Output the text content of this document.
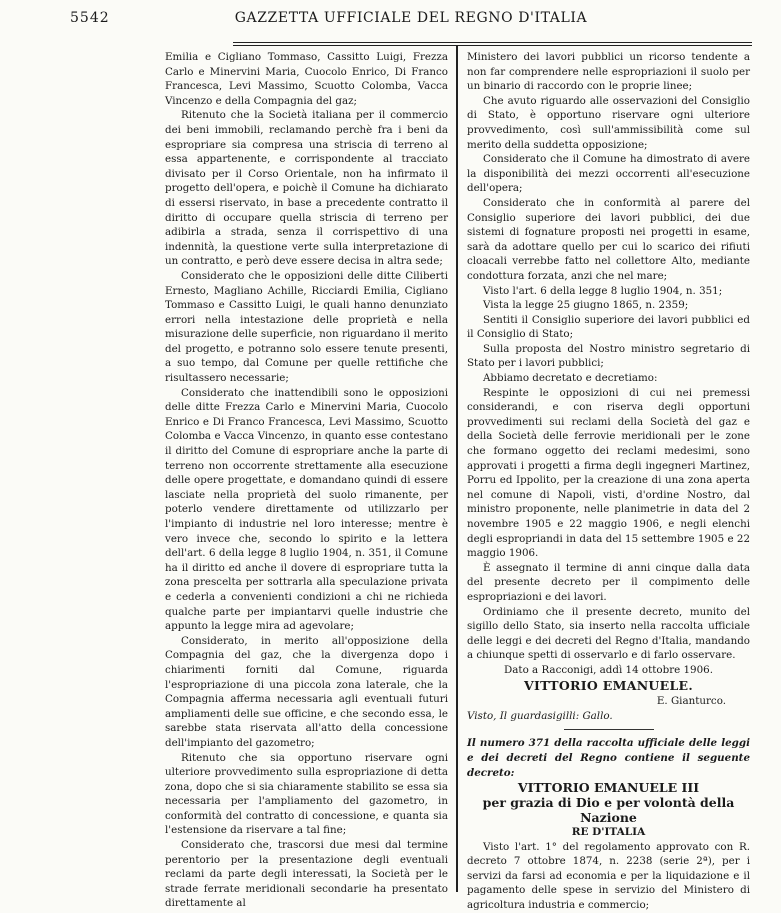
5542	GAZZETTA UFFICIALE DEL REGNO D'ITALIA

Emilia e Cigliano Tommaso, Cassitto Luigi, Frezza Carlo e Minervini Maria, Cuocolo Enrico, Di Franco Francesca, Levi Massimo, Scuotto Colomba, Vacca Vincenzo e della Compagnia del gaz;

Ritenuto che la Società italiana per il commercio dei beni immobili, reclamando perchè fra i beni da espropriare sia compresa una striscia di terreno al essa appartenente, e corrispondente al tracciato divisato per il Corso Orientale, non ha infirmato il progetto dell'opera, e poichè il Comune ha dichiarato di essersi riservato, in base a precedente contratto il diritto di occupare quella striscia di terreno per adibirla a strada, senza il corrispettivo di una indennità, la questione verte sulla interpretazione di un contratto, e però deve essere decisa in altra sede;

Considerato che le opposizioni delle ditte Ciliberti Ernesto, Magliano Achille, Ricciardi Emilia, Cigliano Tommaso e Cassitto Luigi, le quali hanno denunziato errori nella intestazione delle proprietà e nella misurazione delle superficie, non riguardano il merito del progetto, e potranno solo essere tenute presenti, a suo tempo, dal Comune per quelle rettifiche che risultassero necessarie;

Considerato che inattendibili sono le opposizioni delle ditte Frezza Carlo e Minervini Maria, Cuocolo Enrico e Di Franco Francesca, Levi Massimo, Scuotto Colomba e Vacca Vincenzo, in quanto esse contestano il diritto del Comune di espropriare anche la parte di terreno non occorrente strettamente alla esecuzione delle opere progettate, e domandano quindi di essere lasciate nella proprietà del suolo rimanente, per poterlo vendere direttamente od utilizzarlo per l'impianto di industrie nel loro interesse; mentre è vero invece che, secondo lo spirito e la lettera dell'art. 6 della legge 8 luglio 1904, n. 351, il Comune ha il diritto ed anche il dovere di espropriare tutta la zona prescelta per sottrarla alla speculazione privata e cederla a convenienti condizioni a chi ne richieda qualche parte per impiantarvi quelle industrie che appunto la legge mira ad agevolare;

Considerato, in merito all'opposizione della Compagnia del gaz, che la divergenza dopo i chiarimenti forniti dal Comune, riguarda l'espropriazione di una piccola zona laterale, che la Compagnia afferma necessaria agli eventuali futuri ampliamenti delle sue officine, e che secondo essa, le sarebbe stata riservata all'atto della concessione dell'impianto del gazometro;

Ritenuto che sia opportuno riservare ogni ulteriore provvedimento sulla espropriazione di detta zona, dopo che si sia chiaramente stabilito se essa sia necessaria per l'ampliamento del gazometro, in conformità del contratto di concessione, e quanta sia l'estensione da riservare a tal fine;

Considerato che, trascorsi due mesi dal termine perentorio per la presentazione degli eventuali reclami da parte degli interessati, la Società per le strade ferrate meridionali secondarie ha presentato direttamente al

Ministero dei lavori pubblici un ricorso tendente a non far comprendere nelle espropriazioni il suolo per un binario di raccordo con le proprie linee;

Che avuto riguardo alle osservazioni del Consiglio di Stato, è opportuno riservare ogni ulteriore provvedimento, così sull'ammissibilità come sul merito della suddetta opposizione;

Considerato che il Comune ha dimostrato di avere la disponibilità dei mezzi occorrenti all'esecuzione dell'opera;

Considerato che in conformità al parere del Consiglio superiore dei lavori pubblici, dei due sistemi di fognature proposti nei progetti in esame, sarà da adottare quello per cui lo scarico dei rifiuti cloacali verrebbe fatto nel collettore Alto, mediante condottura forzata, anzi che nel mare;

Visto l'art. 6 della legge 8 luglio 1904, n. 351;

Vista la legge 25 giugno 1865, n. 2359;

Sentiti il Consiglio superiore dei lavori pubblici ed il Consiglio di Stato;

Sulla proposta del Nostro ministro segretario di Stato per i lavori pubblici;

Abbiamo decretato e decretiamo:

Respinte le opposizioni di cui nei premessi considerandi, e con riserva degli opportuni provvedimenti sui reclami della Società del gaz e della Società delle ferrovie meridionali per le zone che formano oggetto dei reclami medesimi, sono approvati i progetti a firma degli ingegneri Martinez, Porru ed Ippolito, per la creazione di una zona aperta nel comune di Napoli, visti, d'ordine Nostro, dal ministro proponente, nelle planimetrie in data del 2 novembre 1905 e 22 maggio 1906, e negli elenchi degli espropriandi in data del 15 settembre 1905 e 22 maggio 1906.

È assegnato il termine di anni cinque dalla data del presente decreto per il compimento delle espropriazioni e dei lavori.

Ordiniamo che il presente decreto, munito del sigillo dello Stato, sia inserto nella raccolta ufficiale delle leggi e dei decreti del Regno d'Italia, mandando a chiunque spetti di osservarlo e di farlo osservare.

Dato a Racconigi, addì 14 ottobre 1906.

VITTORIO EMANUELE.

E. Gianturco.

Visto, Il guardasigilli: Gallo.

Il numero 371 della raccolta ufficiale delle leggi e dei decreti del Regno contiene il seguente decreto:

VITTORIO EMANUELE III

per grazia di Dio e per volontà della Nazione

RE D'ITALIA

Visto l'art. 1° del regolamento approvato con R. decreto 7 ottobre 1874, n. 2238 (serie 2ª), per i servizi da farsi ad economia e per la liquidazione e il pagamento delle spese in servizio del Ministero di agricoltura industria e commercio;
